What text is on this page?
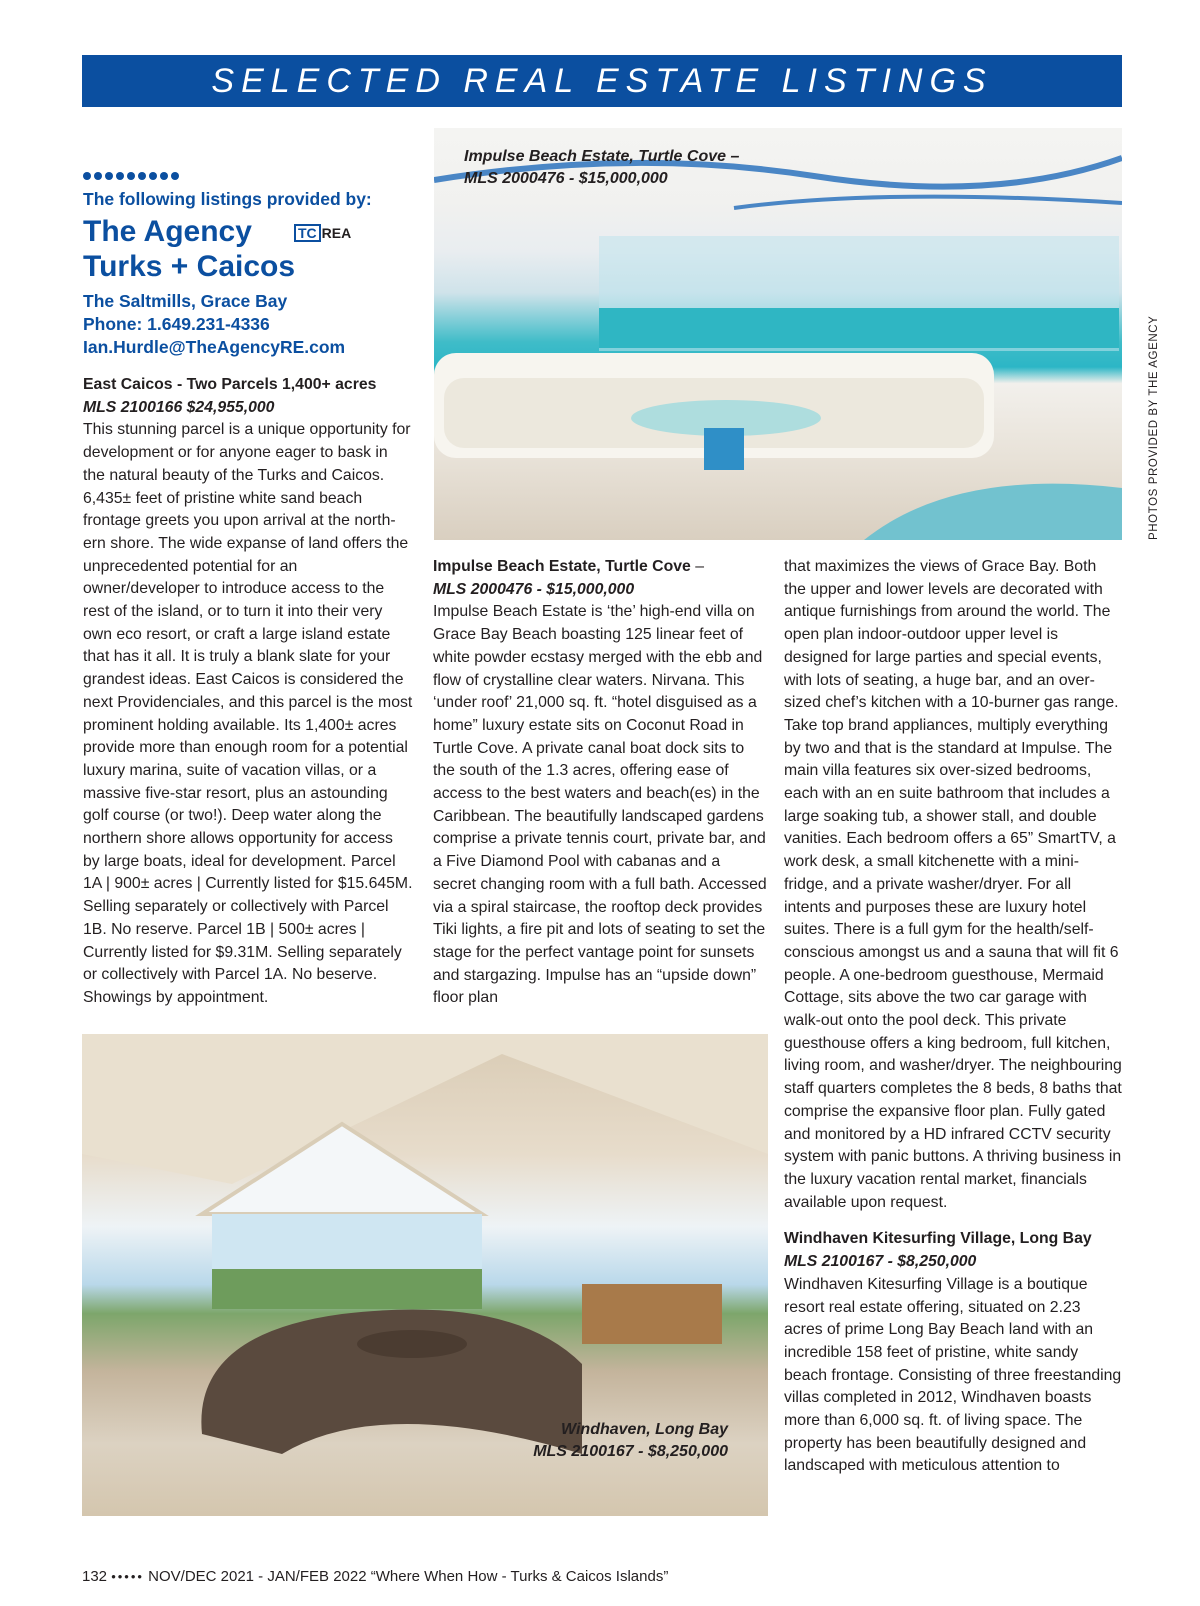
SELECTED REAL ESTATE LISTINGS
Impulse Beach Estate, Turtle Cove –
MLS 2000476 - $15,000,000
PHOTOS PROVIDED BY THE AGENCY
The following listings provided by:
The Agency
Turks + Caicos
TC REA
The Saltmills, Grace Bay
Phone: 1.649.231-4336
Ian.Hurdle@TheAgencyRE.com

East Caicos - Two Parcels 1,400+ acres

MLS 2100166 $24,955,000

This stunning parcel is a unique opportunity for development or for anyone eager to bask in the natural beauty of the Turks and Caicos. 6,435± feet of pristine white sand beach frontage greets you upon arrival at the northern shore. The wide expanse of land offers the unprecedented potential for an owner/developer to introduce access to the rest of the island, or to turn it into their very own eco resort, or craft a large island estate that has it all. It is truly a blank slate for your grandest ideas. East Caicos is considered the next Providenciales, and this parcel is the most prominent holding available. Its 1,400± acres provide more than enough room for a potential luxury marina, suite of vacation villas, or a massive five-star resort, plus an astounding golf course (or two!). Deep water along the northern shore allows opportunity for access by large boats, ideal for development. Parcel 1A | 900± acres | Currently listed for $15.645M. Selling separately or collectively with Parcel 1B. No reserve. Parcel 1B | 500± acres | Currently listed for $9.31M. Selling separately or collectively with Parcel 1A. No beserve. Showings by appointment.

Impulse Beach Estate, Turtle Cove –

MLS 2000476 - $15,000,000

Impulse Beach Estate is ‘the’ high-end villa on Grace Bay Beach boasting 125 linear feet of white powder ecstasy merged with the ebb and flow of crystalline clear waters. Nirvana. This ‘under roof’ 21,000 sq. ft. “hotel disguised as a home” luxury estate sits on Coconut Road in Turtle Cove. A private canal boat dock sits to the south of the 1.3 acres, offering ease of access to the best waters and beach(es) in the Caribbean. The beautifully landscaped gardens comprise a private tennis court, private bar, and a Five Diamond Pool with cabanas and a secret changing room with a full bath. Accessed via a spiral staircase, the rooftop deck provides Tiki lights, a fire pit and lots of seating to set the stage for the perfect vantage point for sunsets and stargazing. Impulse has an “upside down” floor plan

that maximizes the views of Grace Bay. Both the upper and lower levels are decorated with antique furnishings from around the world. The open plan indoor-outdoor upper level is designed for large parties and special events, with lots of seating, a huge bar, and an oversized chef’s kitchen with a 10-burner gas range. Take top brand appliances, multiply everything by two and that is the standard at Impulse. The main villa features six over-sized bedrooms, each with an en suite bathroom that includes a large soaking tub, a shower stall, and double vanities. Each bedroom offers a 65” SmartTV, a work desk, a small kitchenette with a mini-fridge, and a private washer/dryer. For all intents and purposes these are luxury hotel suites. There is a full gym for the health/self-conscious amongst us and a sauna that will fit 6 people. A one-bedroom guesthouse, Mermaid Cottage, sits above the two car garage with walk-out onto the pool deck. This private guesthouse offers a king bedroom, full kitchen, living room, and washer/dryer. The neighbouring staff quarters completes the 8 beds, 8 baths that comprise the expansive floor plan. Fully gated and monitored by a HD infrared CCTV security system with panic buttons. A thriving business in the luxury vacation rental market, financials available upon request.

Windhaven Kitesurfing Village, Long Bay

MLS 2100167 - $8,250,000

Windhaven Kitesurfing Village is a boutique resort real estate offering, situated on 2.23 acres of prime Long Bay Beach land with an incredible 158 feet of pristine, white sandy beach frontage. Consisting of three freestanding villas completed in 2012, Windhaven boasts more than 6,000 sq. ft. of living space. The property has been beautifully designed and landscaped with meticulous attention to

Windhaven, Long Bay
MLS 2100167 - $8,250,000
132 ••••• NOV/DEC 2021 - JAN/FEB 2022 “Where When How - Turks & Caicos Islands”
